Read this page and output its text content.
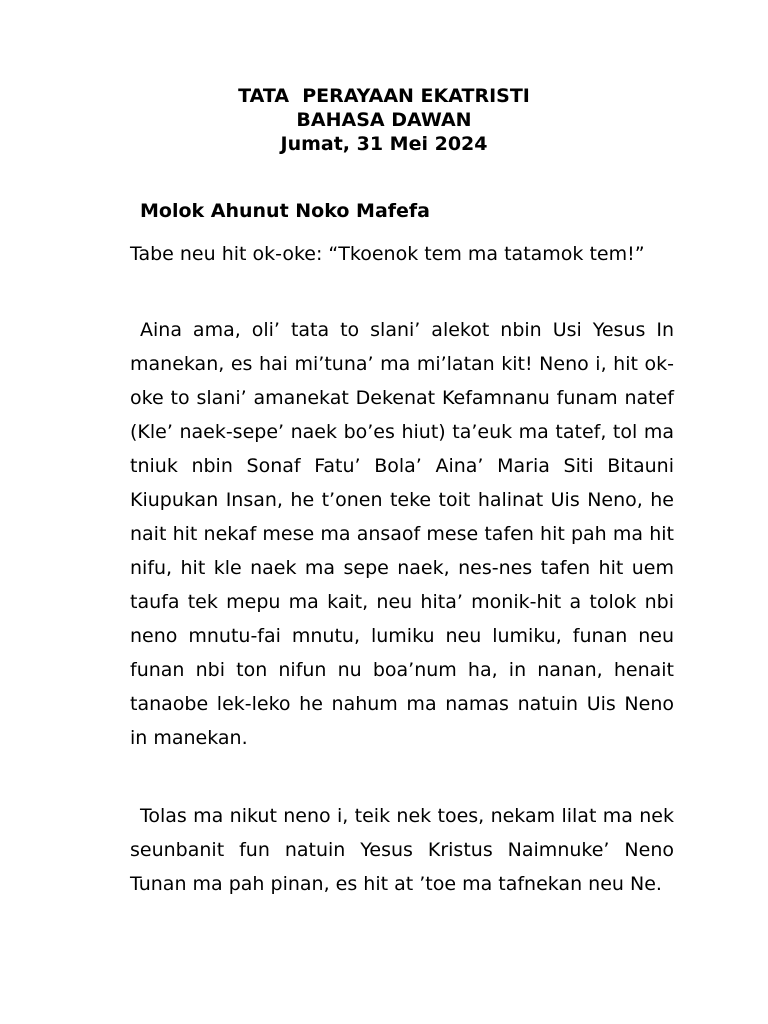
TATA  PERAYAAN EKATRISTI
BAHASA DAWAN
Jumat, 31 Mei 2024
Molok Ahunut Noko Mafefa

Tabe neu hit ok-oke: “Tkoenok tem ma tatamok tem!”

Aina ama, oli’ tata to slani’ alekot nbin Usi Yesus In manekan, es hai mi’tuna’ ma mi’latan kit! Neno i, hit ok-oke to slani’ amanekat Dekenat Kefamnanu funam natef (Kle’ naek-sepe’ naek bo’es hiut) ta’euk ma tatef, tol ma tniuk nbin Sonaf Fatu’ Bola’ Aina’ Maria Siti Bitauni Kiupukan Insan, he t’onen teke toit halinat Uis Neno, he nait hit nekaf mese ma ansaof mese tafen hit pah ma hit nifu, hit kle naek ma sepe naek, nes-nes tafen hit uem taufa tek mepu ma kait, neu hita’ monik-hit a tolok nbi neno mnutu-fai mnutu, lumiku neu lumiku, funan neu funan nbi ton nifun nu boa’num ha, in nanan, henait tanaobe lek-leko he nahum ma namas natuin Uis Neno in manekan.

Tolas ma nikut neno i, teik nek toes, nekam lilat ma nek seunbanit fun natuin Yesus Kristus Naimnuke’ Neno Tunan ma pah pinan, es hit at ’toe ma tafnekan neu Ne.
